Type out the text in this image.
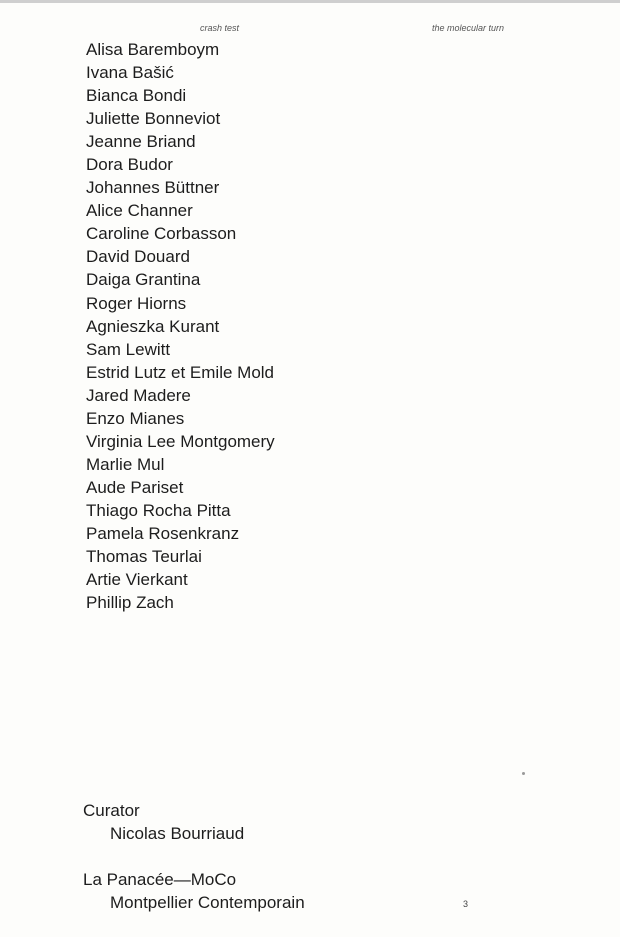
crash test	the molecular turn
Alisa Baremboym
Ivana Bašić
Bianca Bondi
Juliette Bonneviot
Jeanne Briand
Dora Budor
Johannes Büttner
Alice Channer
Caroline Corbasson
David Douard
Daiga Grantina
Roger Hiorns
Agnieszka Kurant
Sam Lewitt
Estrid Lutz et Emile Mold
Jared Madere
Enzo Mianes
Virginia Lee Montgomery
Marlie Mul
Aude Pariset
Thiago Rocha Pitta
Pamela Rosenkranz
Thomas Teurlai
Artie Vierkant
Phillip Zach
Curator
Nicolas Bourriaud
La Panacée—MoCo
Montpellier Contemporain	3
